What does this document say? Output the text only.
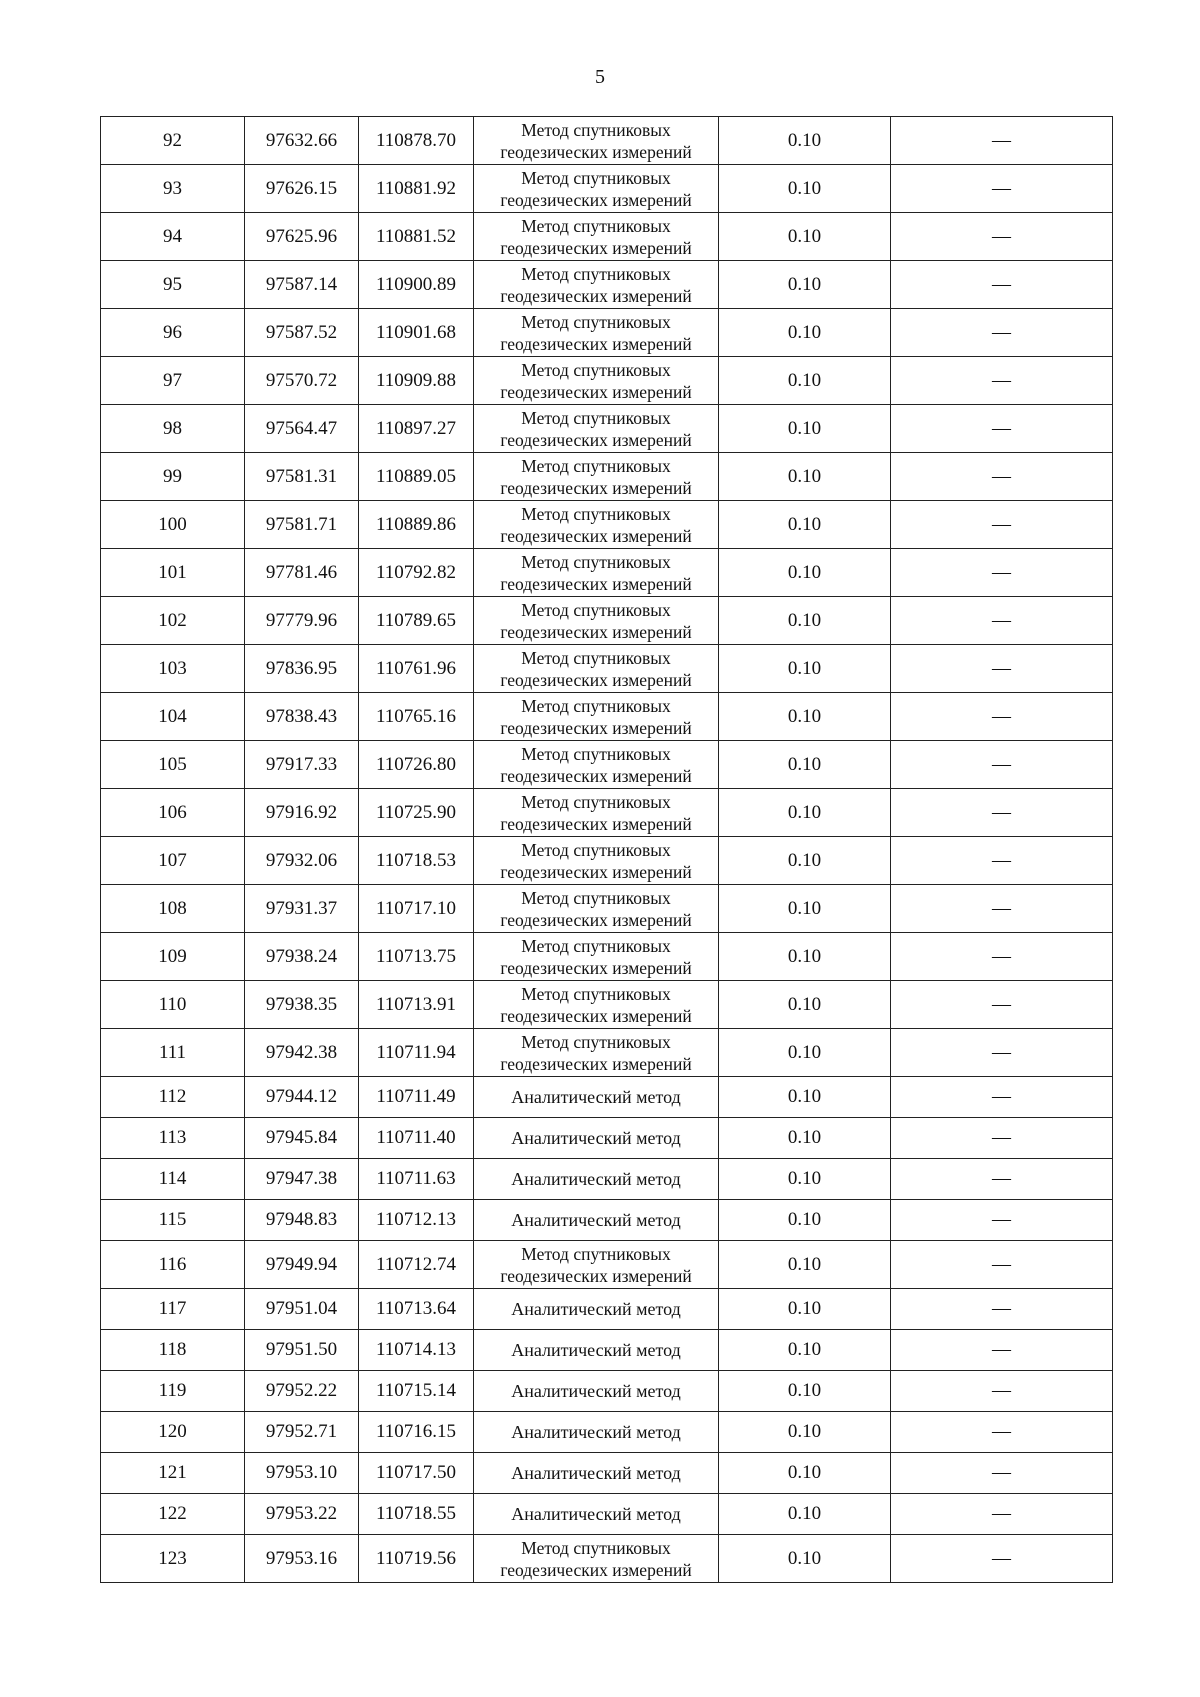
5
92	97632.66	110878.70	Метод спутниковых геодезических измерений	0.10	—
93	97626.15	110881.92	Метод спутниковых геодезических измерений	0.10	—
94	97625.96	110881.52	Метод спутниковых геодезических измерений	0.10	—
95	97587.14	110900.89	Метод спутниковых геодезических измерений	0.10	—
96	97587.52	110901.68	Метод спутниковых геодезических измерений	0.10	—
97	97570.72	110909.88	Метод спутниковых геодезических измерений	0.10	—
98	97564.47	110897.27	Метод спутниковых геодезических измерений	0.10	—
99	97581.31	110889.05	Метод спутниковых геодезических измерений	0.10	—
100	97581.71	110889.86	Метод спутниковых геодезических измерений	0.10	—
101	97781.46	110792.82	Метод спутниковых геодезических измерений	0.10	—
102	97779.96	110789.65	Метод спутниковых геодезических измерений	0.10	—
103	97836.95	110761.96	Метод спутниковых геодезических измерений	0.10	—
104	97838.43	110765.16	Метод спутниковых геодезических измерений	0.10	—
105	97917.33	110726.80	Метод спутниковых геодезических измерений	0.10	—
106	97916.92	110725.90	Метод спутниковых геодезических измерений	0.10	—
107	97932.06	110718.53	Метод спутниковых геодезических измерений	0.10	—
108	97931.37	110717.10	Метод спутниковых геодезических измерений	0.10	—
109	97938.24	110713.75	Метод спутниковых геодезических измерений	0.10	—
110	97938.35	110713.91	Метод спутниковых геодезических измерений	0.10	—
111	97942.38	110711.94	Метод спутниковых геодезических измерений	0.10	—
112	97944.12	110711.49	Аналитический метод	0.10	—
113	97945.84	110711.40	Аналитический метод	0.10	—
114	97947.38	110711.63	Аналитический метод	0.10	—
115	97948.83	110712.13	Аналитический метод	0.10	—
116	97949.94	110712.74	Метод спутниковых геодезических измерений	0.10	—
117	97951.04	110713.64	Аналитический метод	0.10	—
118	97951.50	110714.13	Аналитический метод	0.10	—
119	97952.22	110715.14	Аналитический метод	0.10	—
120	97952.71	110716.15	Аналитический метод	0.10	—
121	97953.10	110717.50	Аналитический метод	0.10	—
122	97953.22	110718.55	Аналитический метод	0.10	—
123	97953.16	110719.56	Метод спутниковых геодезических измерений	0.10	—
